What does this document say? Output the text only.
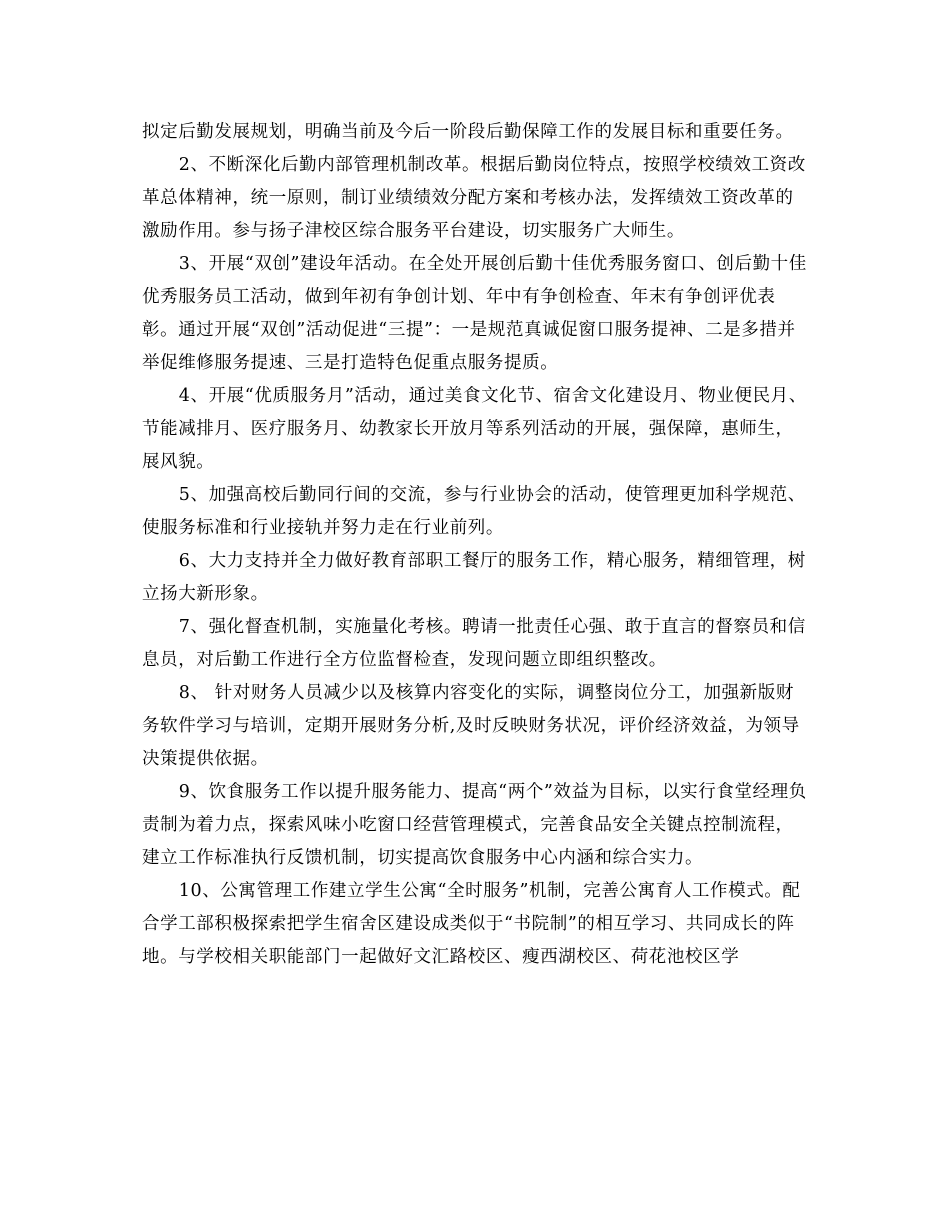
拟定后勤发展规划，明确当前及今后一阶段后勤保障工作的发展目标和重要任务。

2、不断深化后勤内部管理机制改革。根据后勤岗位特点，按照学校绩效工资改革总体精神，统一原则，制订业绩绩效分配方案和考核办法，发挥绩效工资改革的激励作用。参与扬子津校区综合服务平台建设，切实服务广大师生。

3、开展“双创”建设年活动。在全处开展创后勤十佳优秀服务窗口、创后勤十佳优秀服务员工活动，做到年初有争创计划、年中有争创检查、年末有争创评优表彰。通过开展“双创”活动促进“三提”：一是规范真诚促窗口服务提神、二是多措并举促维修服务提速、三是打造特色促重点服务提质。

4、开展“优质服务月”活动，通过美食文化节、宿舍文化建设月、物业便民月、节能减排月、医疗服务月、幼教家长开放月等系列活动的开展，强保障，惠师生，展风貌。

5、加强高校后勤同行间的交流，参与行业协会的活动，使管理更加科学规范、使服务标准和行业接轨并努力走在行业前列。

6、大力支持并全力做好教育部职工餐厅的服务工作，精心服务，精细管理，树立扬大新形象。

7、强化督查机制，实施量化考核。聘请一批责任心强、敢于直言的督察员和信息员，对后勤工作进行全方位监督检查，发现问题立即组织整改。

8、 针对财务人员减少以及核算内容变化的实际，调整岗位分工，加强新版财务软件学习与培训，定期开展财务分析,及时反映财务状况，评价经济效益，为领导决策提供依据。

9、饮食服务工作以提升服务能力、提高“两个”效益为目标，以实行食堂经理负责制为着力点，探索风味小吃窗口经营管理模式，完善食品安全关键点控制流程，建立工作标准执行反馈机制，切实提高饮食服务中心内涵和综合实力。

10、公寓管理工作建立学生公寓“全时服务”机制，完善公寓育人工作模式。配合学工部积极探索把学生宿舍区建设成类似于“书院制”的相互学习、共同成长的阵地。与学校相关职能部门一起做好文汇路校区、瘦西湖校区、荷花池校区学
